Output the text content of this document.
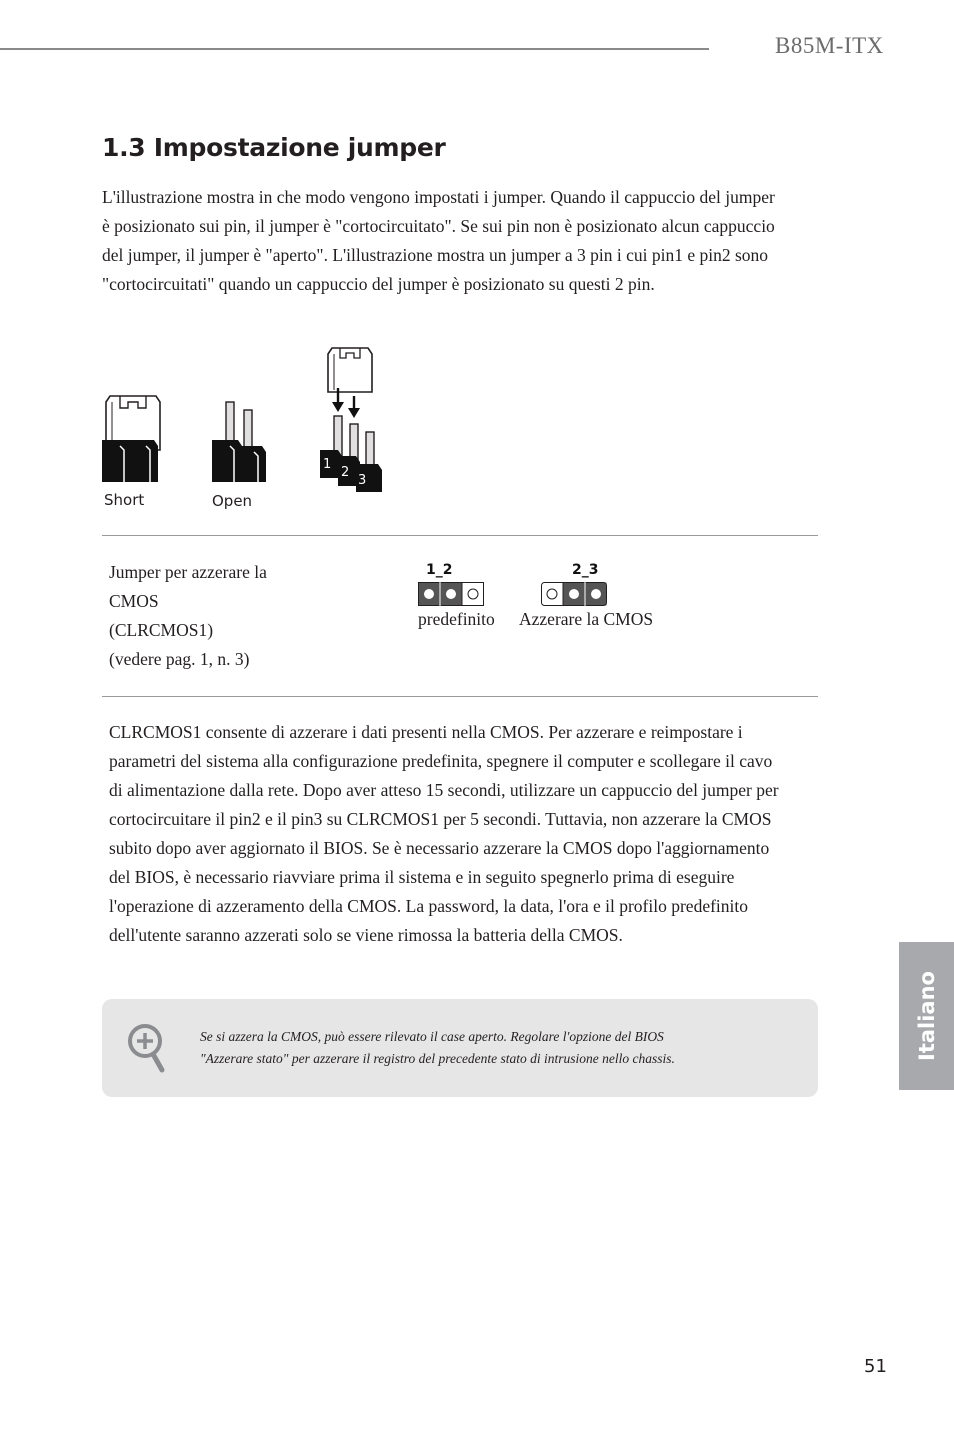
B85M-ITX
1.3 Impostazione jumper

L'illustrazione mostra in che modo vengono impostati i jumper. Quando il cappuccio del jumper è posizionato sui pin, il jumper è "cortocircuitato". Se sui pin non è posizionato alcun cappuccio del jumper, il jumper è "aperto". L'illustrazione mostra un jumper a 3 pin i cui pin1 e pin2 sono "cortocircuitati" quando un cappuccio del jumper è posizionato su questi 2 pin.

Short	Open
1
2
3
Jumper per azzerare la
CMOS
(CLRCMOS1)
(vedere pag. 1, n. 3)
1_2
predefinito
2_3
Azzerare la CMOS

CLRCMOS1 consente di azzerare i dati presenti nella CMOS. Per azzerare e reimpostare i parametri del sistema alla configurazione predefinita, spegnere il computer e scollegare il cavo di alimentazione dalla rete. Dopo aver atteso 15 secondi, utilizzare un cappuccio del jumper per cortocircuitare il pin2 e il pin3 su CLRCMOS1 per 5 secondi. Tuttavia, non azzerare la CMOS subito dopo aver aggiornato il BIOS. Se è necessario azzerare la CMOS dopo l'aggiornamento del BIOS, è necessario riavviare prima il sistema e in seguito spegnerlo prima di eseguire l'operazione di azzeramento della CMOS. La password, la data, l'ora e il profilo predefinito dell'utente saranno azzerati solo se viene rimossa la batteria della CMOS.

Se si azzera la CMOS, può essere rilevato il case aperto. Regolare l'opzione del BIOS
"Azzerare stato" per azzerare il registro del precedente stato di intrusione nello chassis.	Italiano
51
